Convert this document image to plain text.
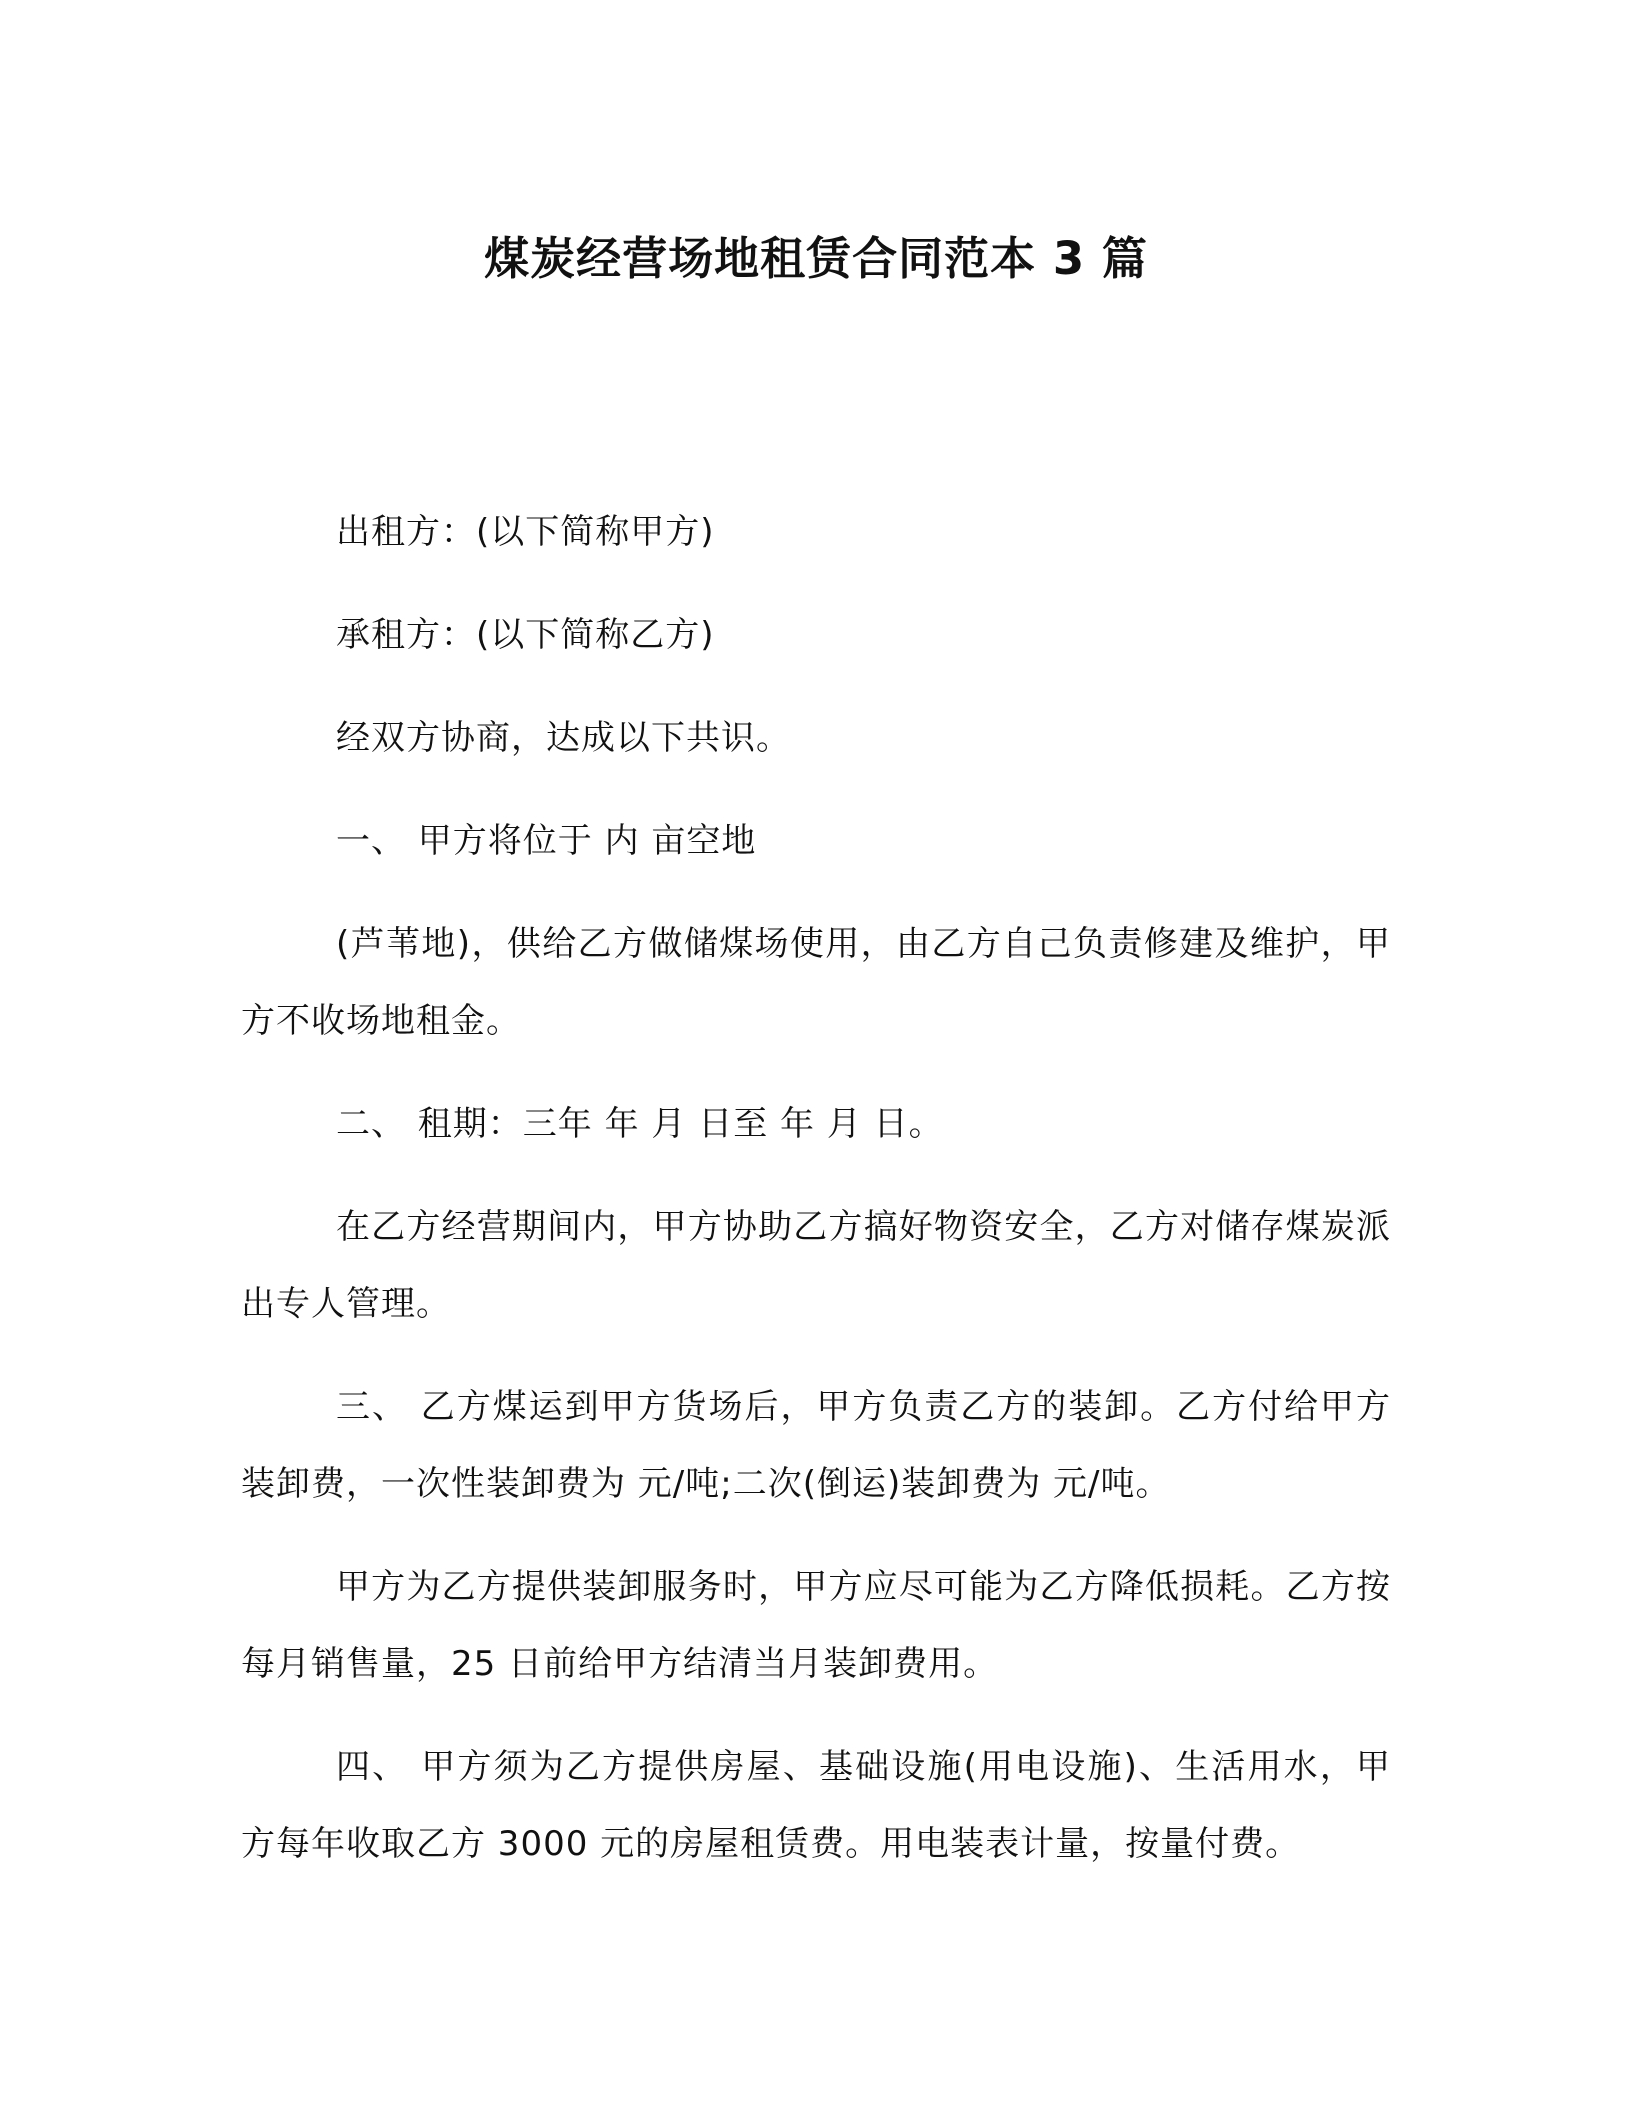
煤炭经营场地租赁合同范本 3 篇

出租方：(以下简称甲方)

承租方：(以下简称乙方)

经双方协商，达成以下共识。

一、 甲方将位于 内 亩空地

(芦苇地)，供给乙方做储煤场使用，由乙方自己负责修建及维护，甲方不收场地租金。

二、 租期：三年 年 月 日至 年 月 日。

在乙方经营期间内，甲方协助乙方搞好物资安全，乙方对储存煤炭派出专人管理。

三、 乙方煤运到甲方货场后，甲方负责乙方的装卸。乙方付给甲方装卸费，一次性装卸费为 元/吨;二次(倒运)装卸费为 元/吨。

甲方为乙方提供装卸服务时，甲方应尽可能为乙方降低损耗。乙方按每月销售量，25 日前给甲方结清当月装卸费用。

四、 甲方须为乙方提供房屋、基础设施(用电设施)、生活用水，甲方每年收取乙方 3000 元的房屋租赁费。用电装表计量，按量付费。
